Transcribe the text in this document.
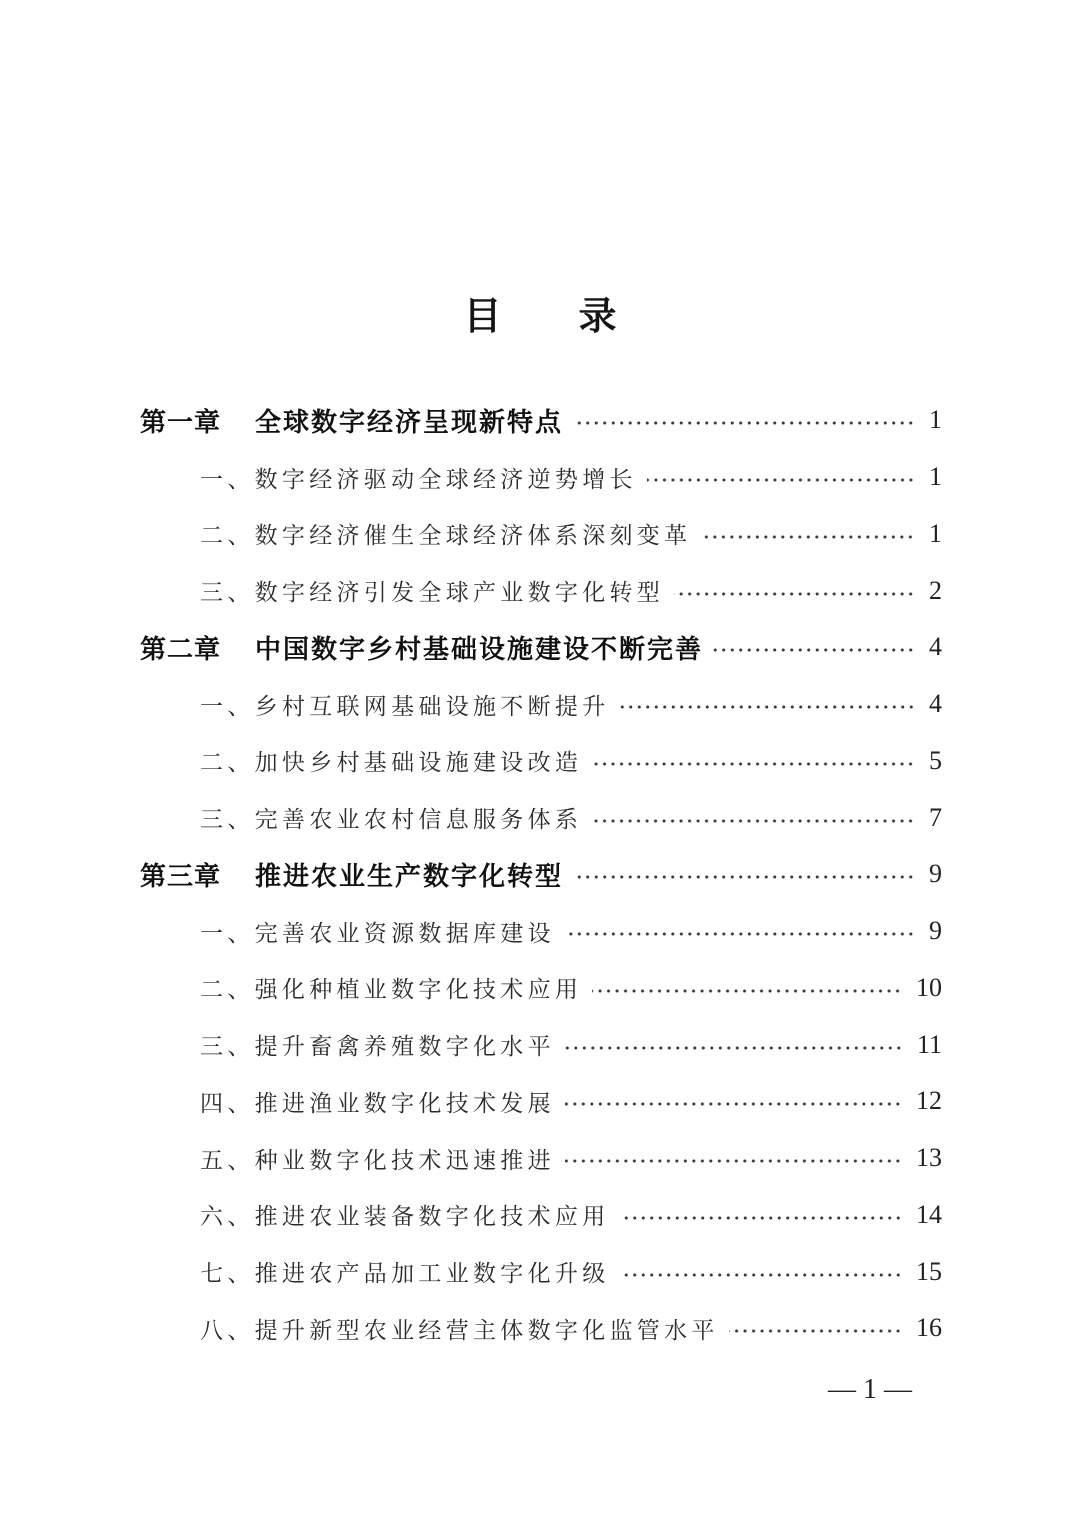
目录
第一章	全球数字经济呈现新特点	1
一、数字经济驱动全球经济逆势增长	1
二、数字经济催生全球经济体系深刻变革	1
三、数字经济引发全球产业数字化转型	2
第二章	中国数字乡村基础设施建设不断完善	4
一、乡村互联网基础设施不断提升	4
二、加快乡村基础设施建设改造	5
三、完善农业农村信息服务体系	7
第三章	推进农业生产数字化转型	9
一、完善农业资源数据库建设	9
二、强化种植业数字化技术应用	10
三、提升畜禽养殖数字化水平	11
四、推进渔业数字化技术发展	12
五、种业数字化技术迅速推进	13
六、推进农业装备数字化技术应用	14
七、推进农产品加工业数字化升级	15
八、提升新型农业经营主体数字化监管水平	16
— 1 —
